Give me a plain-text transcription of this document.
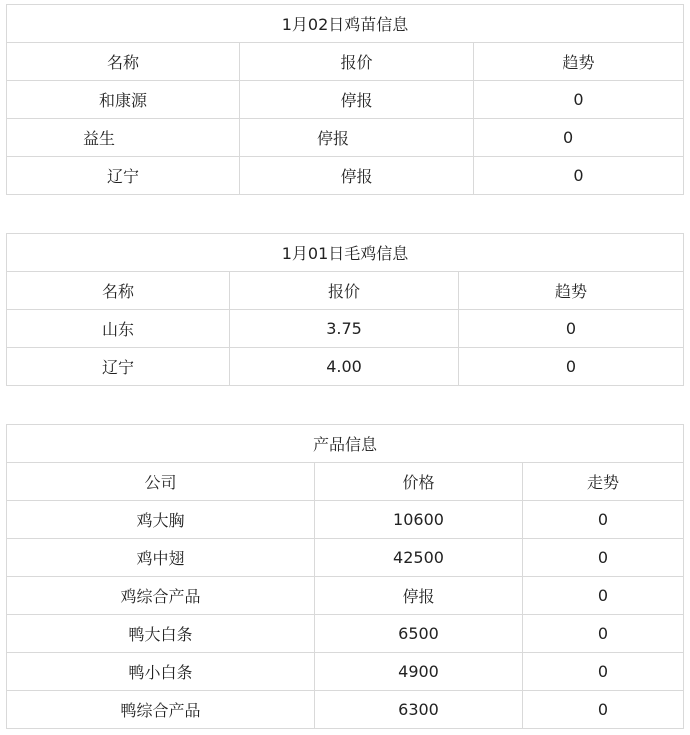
1月02日鸡苗信息		
名称	报价	趋势
和康源	停报	0
益生	停报	0
辽宁	停报	0
1月01日毛鸡信息		
名称	报价	趋势
山东	3.75	0
辽宁	4.00	0
产品信息		
公司	价格	走势
鸡大胸	10600	0
鸡中翅	42500	0
鸡综合产品	停报	0
鸭大白条	6500	0
鸭小白条	4900	0
鸭综合产品	6300	0
